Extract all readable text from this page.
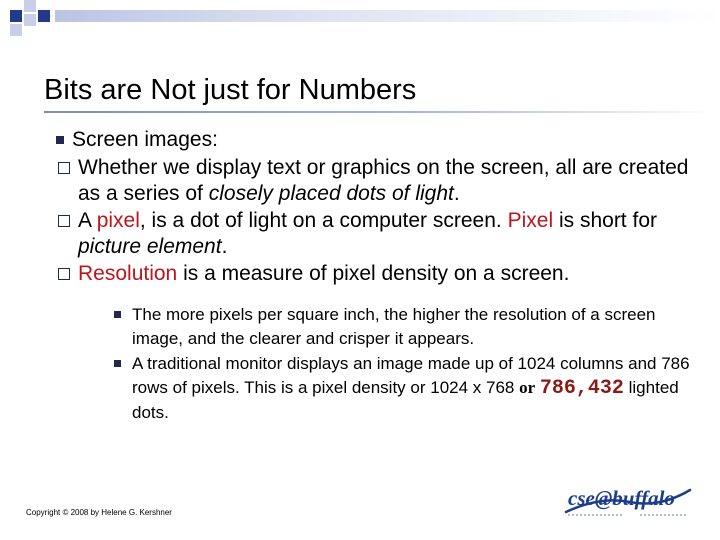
Bits are Not just for Numbers
Screen images:
Whether we display text or graphics on the screen, all are created as a series of closely placed dots of light.
A pixel, is a dot of light on a computer screen. Pixel is short for picture element.
Resolution is a measure of pixel density on a screen.
The more pixels per square inch, the higher the resolution of a screen image, and the clearer and crisper it appears.
A traditional monitor displays an image made up of 1024 columns and 786 rows of pixels. This is a pixel density or 1024 x 768 or 786,432 lighted dots.
Copyright © 2008 by Helene G. Kershner
cse@buffalo
